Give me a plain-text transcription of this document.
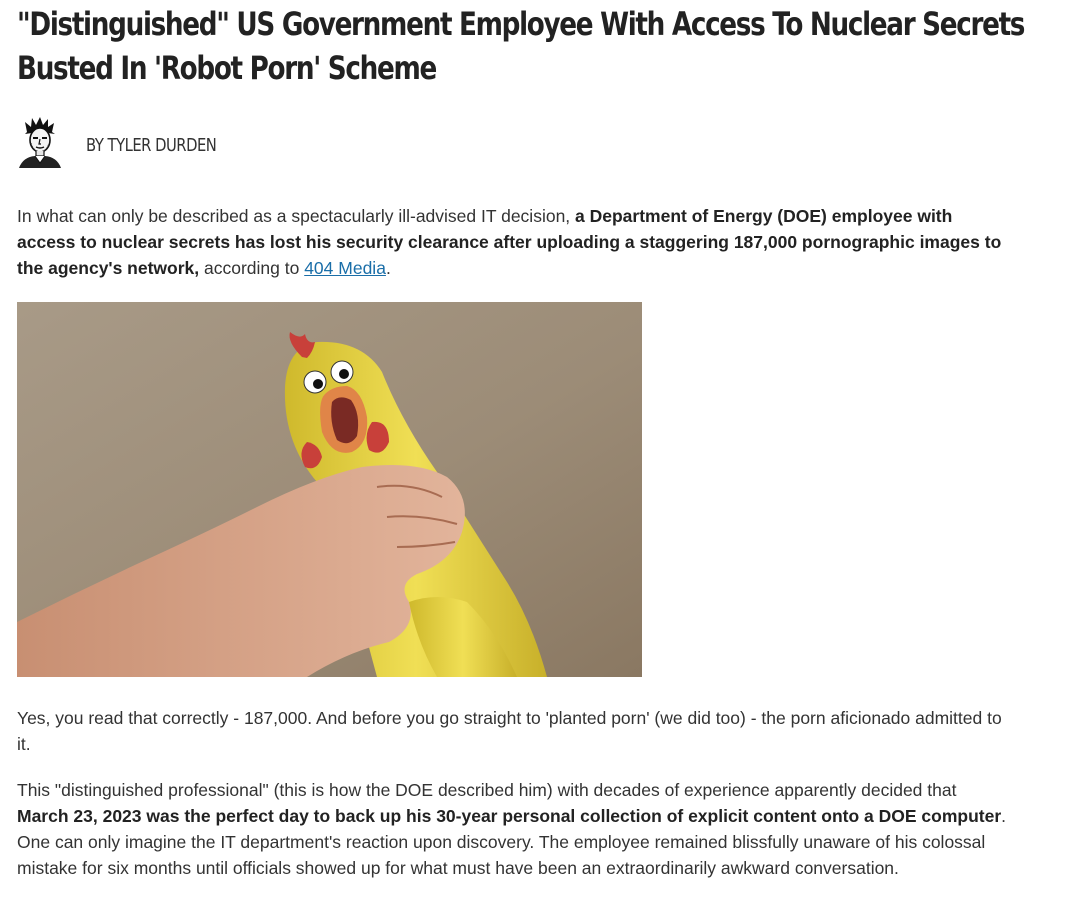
"Distinguished" US Government Employee With Access To Nuclear Secrets Busted In 'Robot Porn' Scheme
BY TYLER DURDEN

In what can only be described as a spectacularly ill-advised IT decision, a Department of Energy (DOE) employee with access to nuclear secrets has lost his security clearance after uploading a staggering 187,000 pornographic images to the agency's network, according to 404 Media.

Yes, you read that correctly - 187,000. And before you go straight to 'planted porn' (we did too) - the porn aficionado admitted to it.

This "distinguished professional" (this is how the DOE described him) with decades of experience apparently decided that March 23, 2023 was the perfect day to back up his 30-year personal collection of explicit content onto a DOE computer. One can only imagine the IT department's reaction upon discovery. The employee remained blissfully unaware of his colossal mistake for six months until officials showed up for what must have been an extraordinarily awkward conversation.
